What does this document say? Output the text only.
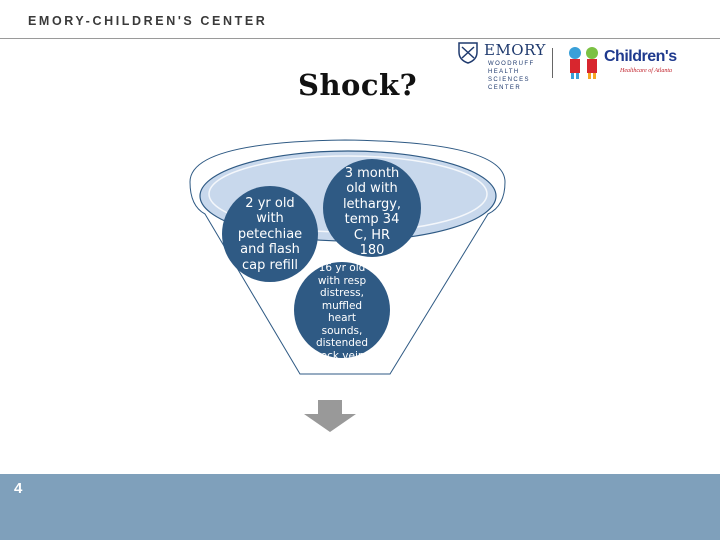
EMORY-CHILDREN'S CENTER
EMORY
WOODRUFF
HEALTH
SCIENCES
CENTER
Children's
Healthcare of Atlanta
Shock?
3 month
old with
lethargy,
temp 34
C, HR
180
2 yr old
with
petechiae
and flash
cap refill	16 yr old
with resp
distress,
muffled
heart
sounds,
distended
neck veins
4
